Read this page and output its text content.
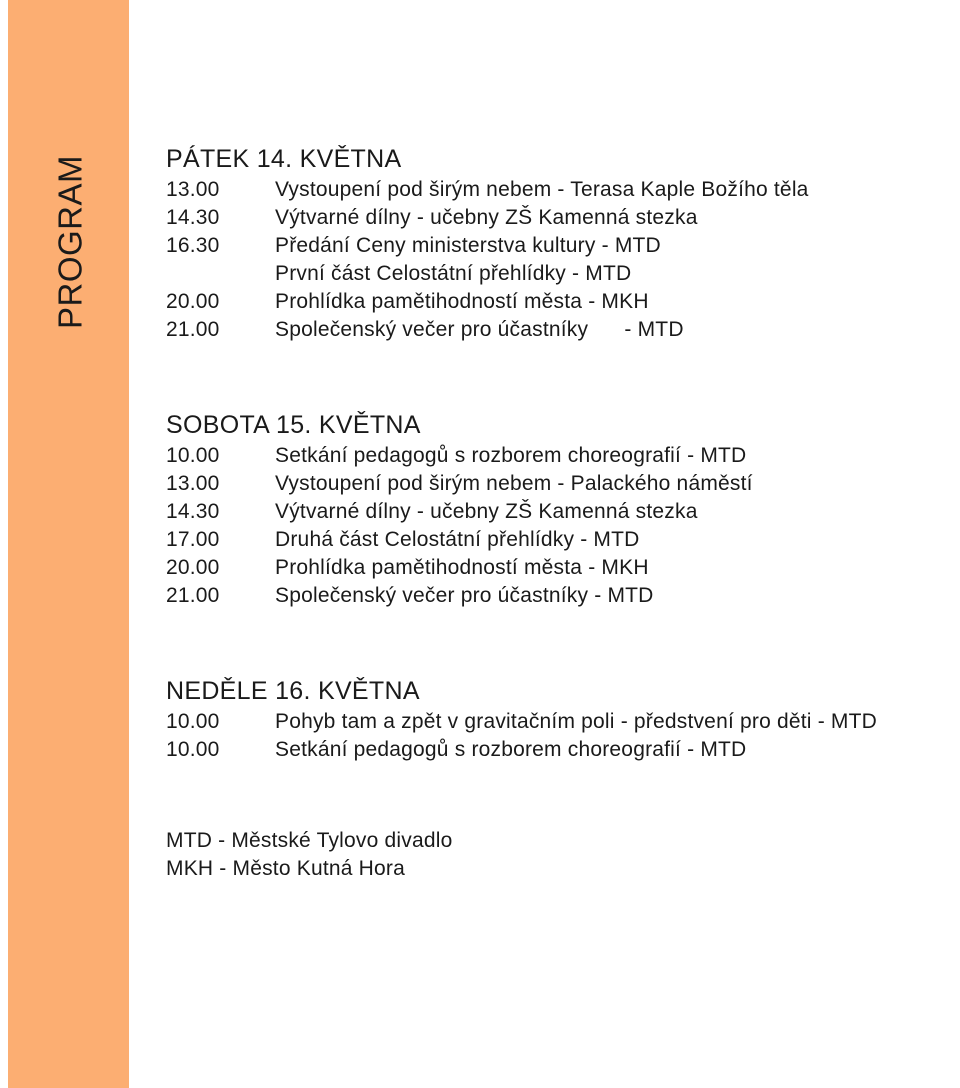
PROGRAM	PÁTEK 14. KVĚTNA
13.00	Vystoupení pod širým nebem - Terasa Kaple Božího těla
14.30	Výtvarné dílny - učebny ZŠ Kamenná stezka
16.30	Předání Ceny ministerstva kultury - MTD
První část Celostátní přehlídky - MTD
20.00	Prohlídka pamětihodností města - MKH
21.00	Společenský večer pro účastníky      - MTD
SOBOTA 15. KVĚTNA
10.00	Setkání pedagogů s rozborem choreografií - MTD
13.00	Vystoupení pod širým nebem - Palackého náměstí
14.30	Výtvarné dílny - učebny ZŠ Kamenná stezka
17.00	Druhá část Celostátní přehlídky - MTD
20.00	Prohlídka pamětihodností města - MKH
21.00	Společenský večer pro účastníky - MTD
NEDĚLE 16. KVĚTNA
10.00	Pohyb tam a zpět v gravitačním poli - předstvení pro děti - MTD
10.00	Setkání pedagogů s rozborem choreografií - MTD
MTD - Městské Tylovo divadlo
MKH - Město Kutná Hora
